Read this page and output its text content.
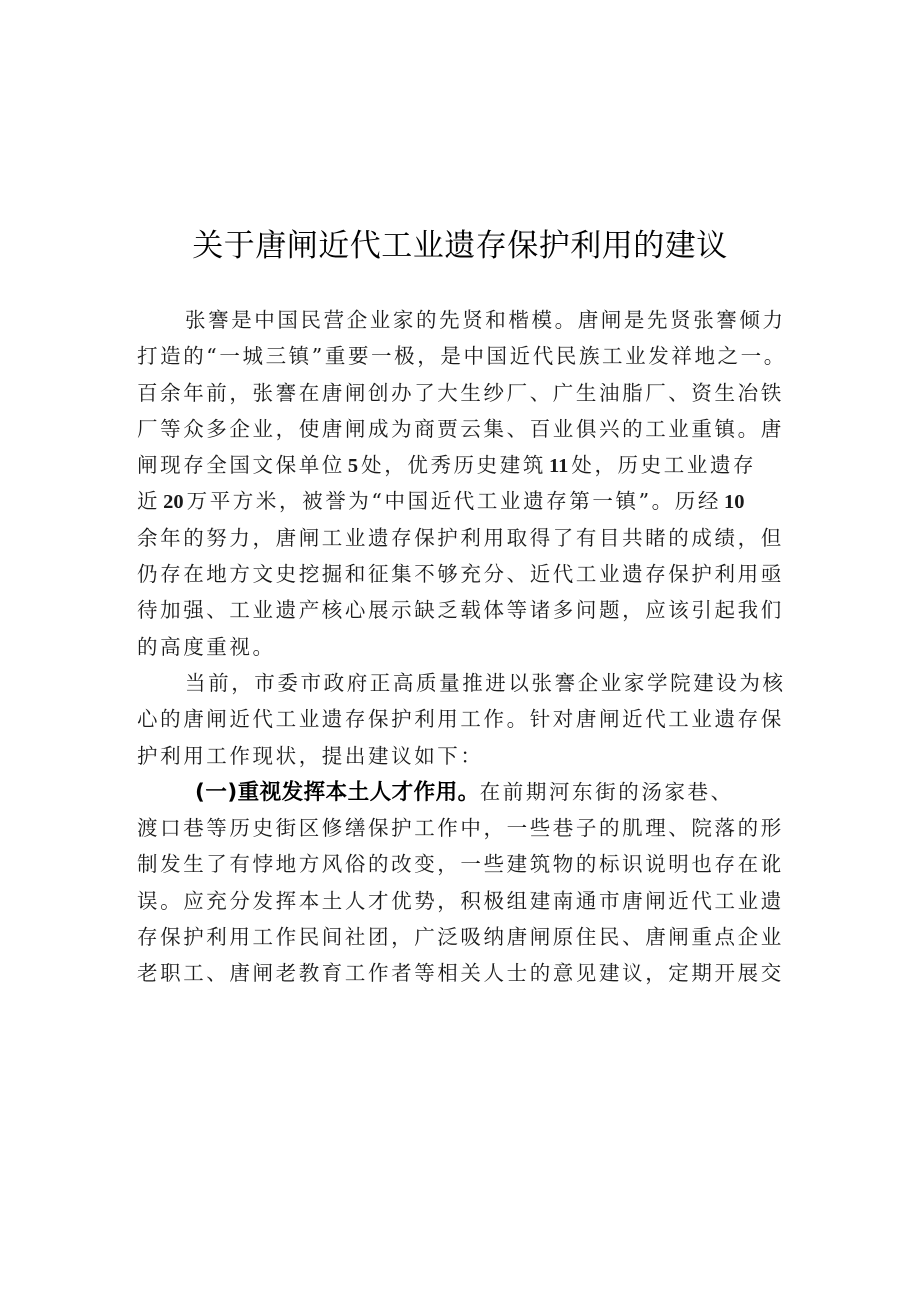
关于唐闸近代工业遗存保护利用的建议
张謇是中国民营企业家的先贤和楷模。唐闸是先贤张謇倾力
打造的“一城三镇”重要一极，是中国近代民族工业发祥地之一。
百余年前，张謇在唐闸创办了大生纱厂、广生油脂厂、资生冶铁
厂等众多企业，使唐闸成为商贾云集、百业俱兴的工业重镇。唐
闸现存全国文保单位 5 处，优秀历史建筑 11 处，历史工业遗存
近 20 万平方米，被誉为“中国近代工业遗存第一镇”。历经 10
余年的努力，唐闸工业遗存保护利用取得了有目共睹的成绩，但
仍存在地方文史挖掘和征集不够充分、近代工业遗存保护利用亟
待加强、工业遗产核心展示缺乏载体等诸多问题，应该引起我们
的高度重视。
当前，市委市政府正高质量推进以张謇企业家学院建设为核
心的唐闸近代工业遗存保护利用工作。针对唐闸近代工业遗存保
护利用工作现状，提出建议如下：
(一)重视发挥本土人才作用。在前期河东街的汤家巷、
渡口巷等历史街区修缮保护工作中，一些巷子的肌理、院落的形
制发生了有悖地方风俗的改变，一些建筑物的标识说明也存在讹
误。应充分发挥本土人才优势，积极组建南通市唐闸近代工业遗
存保护利用工作民间社团，广泛吸纳唐闸原住民、唐闸重点企业
老职工、唐闸老教育工作者等相关人士的意见建议，定期开展交
